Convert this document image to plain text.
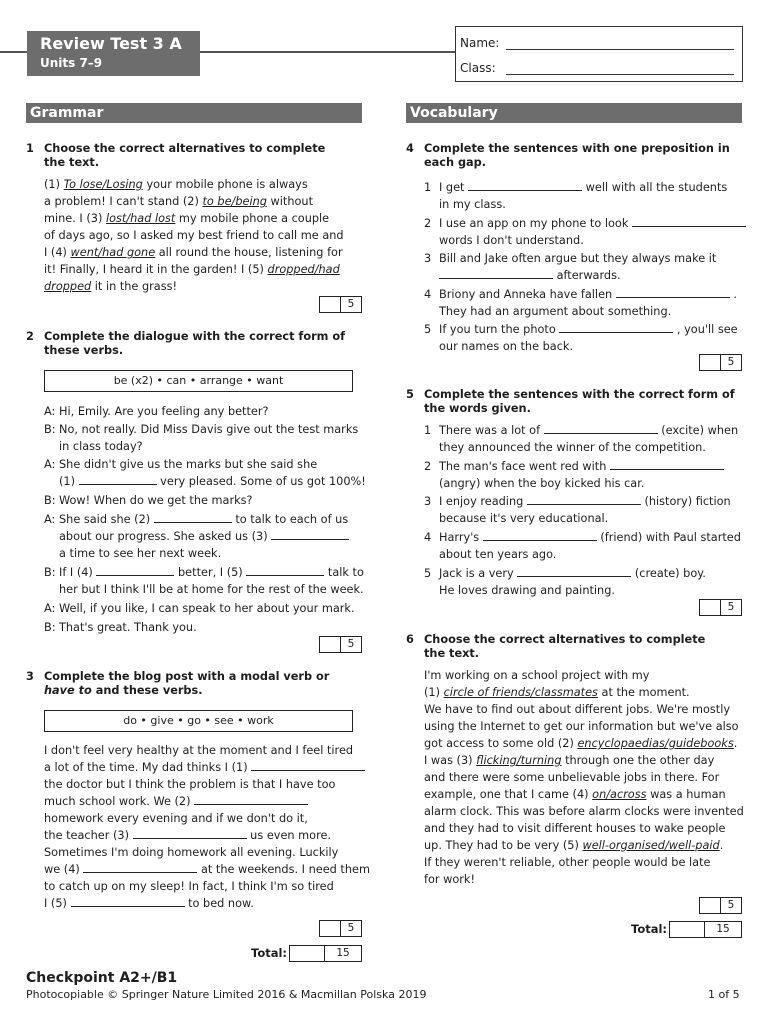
Review Test 3 A
Units 7–9
Name:
Class:
Grammar	Vocabulary
1 Choose the correct alternatives to complete
the text.
(1) To lose/Losing your mobile phone is always
a problem! I can't stand (2) to be/being without
mine. I (3) lost/had lost my mobile phone a couple
of days ago, so I asked my best friend to call me and
I (4) went/had gone all round the house, listening for
it! Finally, I heard it in the garden! I (5) dropped/had
dropped it in the grass!
5
2 Complete the dialogue with the correct form of
these verbs.
be (x2) • can • arrange • want
A: Hi, Emily. Are you feeling any better?
B: No, not really. Did Miss Davis give out the test marks
in class today?
A: She didn't give us the marks but she said she
(1)	very pleased. Some of us got 100%!
B: Wow! When do we get the marks?
A: She said she (2)	to talk to each of us
about our progress. She asked us (3)
a time to see her next week.
B: If I (4)	better, I (5)	talk to
her but I think I'll be at home for the rest of the week.
A: Well, if you like, I can speak to her about your mark.
B: That's great. Thank you.
5
3 Complete the blog post with a modal verb or
have to and these verbs.
do • give • go • see • work
I don't feel very healthy at the moment and I feel tired
a lot of the time. My dad thinks I (1)
the doctor but I think the problem is that I have too
much school work. We (2)
homework every evening and if we don't do it,
the teacher (3)	us even more.
Sometimes I'm doing homework all evening. Luckily
we (4)	at the weekends. I need them
to catch up on my sleep! In fact, I think I'm so tired
I (5)	to bed now.
5
Total:	15
4 Complete the sentences with one preposition in
each gap.
1 I get	well with all the students
in my class.
2 I use an app on my phone to look
words I don't understand.
3 Bill and Jake often argue but they always make it
afterwards.
4 Briony and Anneka have fallen	.
They had an argument about something.
5 If you turn the photo	, you'll see
our names on the back.
5
5 Complete the sentences with the correct form of
the words given.
1 There was a lot of	(excite) when
they announced the winner of the competition.
2 The man's face went red with
(angry) when the boy kicked his car.
3 I enjoy reading	(history) fiction
because it's very educational.
4 Harry's	(friend) with Paul started
about ten years ago.
5 Jack is a very	(create) boy.
He loves drawing and painting.
5
6 Choose the correct alternatives to complete
the text.
I'm working on a school project with my
(1) circle of friends/classmates at the moment.
We have to find out about different jobs. We're mostly
using the Internet to get our information but we've also
got access to some old (2) encyclopaedias/guidebooks.
I was (3) flicking/turning through one the other day
and there were some unbelievable jobs in there. For
example, one that I came (4) on/across was a human
alarm clock. This was before alarm clocks were invented
and they had to visit different houses to wake people
up. They had to be very (5) well-organised/well-paid.
If they weren't reliable, other people would be late
for work!
5
Total:	15
Checkpoint A2+/B1
Photocopiable © Springer Nature Limited 2016 & Macmillan Polska 2019	1 of 5
